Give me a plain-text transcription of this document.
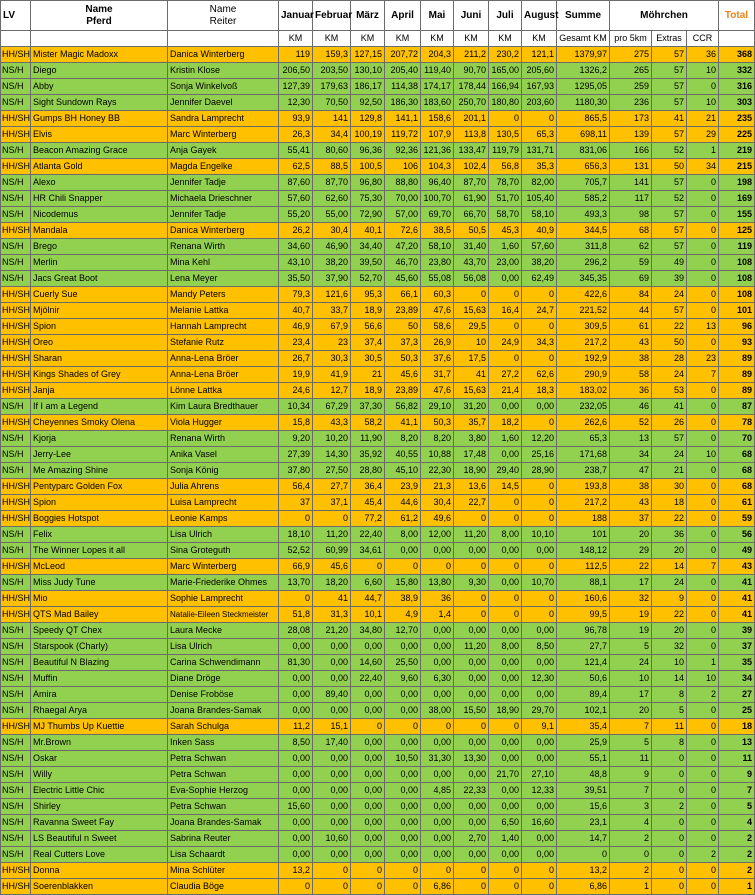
LV	Name
Pferd	Name
Reiter	Januar	Februar	März	April	Mai	Juni	Juli	August	Summe	Möhrchen			Total
			KM	KM	KM	KM	KM	KM	KM	KM	Gesamt KM	pro 5km	Extras	CCR	
HH/SH	Mister Magic Madoxx	Danica Winterberg	119	159,3	127,15	207,72	204,3	211,2	230,2	121,1	1379,97	275	57	36	368
NS/H	Diego	Kristin Klose	206,50	203,50	130,10	205,40	119,40	90,70	165,00	205,60	1326,2	265	57	10	332
NS/H	Abby	Sonja Winkelvoß	127,39	179,63	186,17	114,38	174,17	178,44	166,94	167,93	1295,05	259	57	0	316
NS/H	Sight Sundown Rays	Jennifer Daevel	12,30	70,50	92,50	186,30	183,60	250,70	180,80	203,60	1180,30	236	57	10	303
HH/SH	Gumps BH Honey BB	Sandra Lamprecht	93,9	141	129,8	141,1	158,6	201,1	0	0	865,5	173	41	21	235
HH/SH	Elvis	Marc Winterberg	26,3	34,4	100,19	119,72	107,9	113,8	130,5	65,3	698,11	139	57	29	225
NS/H	Beacon Amazing Grace	Anja Gayek	55,41	80,60	96,36	92,36	121,36	133,47	119,79	131,71	831,06	166	52	1	219
HH/SH	Atlanta Gold	Magda Engelke	62,5	88,5	100,5	106	104,3	102,4	56,8	35,3	656,3	131	50	34	215
NS/H	Alexo	Jennifer Tadje	87,60	87,70	96,80	88,80	96,40	87,70	78,70	82,00	705,7	141	57	0	198
NS/H	HR Chili Snapper	Michaela Drieschner	57,60	62,60	75,30	70,00	100,70	61,90	51,70	105,40	585,2	117	52	0	169
NS/H	Nicodemus	Jennifer Tadje	55,20	55,00	72,90	57,00	69,70	66,70	58,70	58,10	493,3	98	57	0	155
HH/SH	Mandala	Danica Winterberg	26,2	30,4	40,1	72,6	38,5	50,5	45,3	40,9	344,5	68	57	0	125
NS/H	Brego	Renana Wirth	34,60	46,90	34,40	47,20	58,10	31,40	1,60	57,60	311,8	62	57	0	119
NS/H	Merlin	Mina Kehl	43,10	38,20	39,50	46,70	23,80	43,70	23,00	38,20	296,2	59	49	0	108
NS/H	Jacs Great Boot	Lena Meyer	35,50	37,90	52,70	45,60	55,08	56,08	0,00	62,49	345,35	69	39	0	108
HH/SH	Cuerly Sue	Mandy Peters	79,3	121,6	95,3	66,1	60,3	0	0	0	422,6	84	24	0	108
HH/SH	Mjölnir	Melanie Lattka	40,7	33,7	18,9	23,89	47,6	15,63	16,4	24,7	221,52	44	57	0	101
HH/SH	Spion	Hannah Lamprecht	46,9	67,9	56,6	50	58,6	29,5	0	0	309,5	61	22	13	96
HH/SH	Oreo	Stefanie Rutz	23,4	23	37,4	37,3	26,9	10	24,9	34,3	217,2	43	50	0	93
HH/SH	Sharan	Anna-Lena Bröer	26,7	30,3	30,5	50,3	37,6	17,5	0	0	192,9	38	28	23	89
HH/SH	Kings Shades of Grey	Anna-Lena Bröer	19,9	41,9	21	45,6	31,7	41	27,2	62,6	290,9	58	24	7	89
HH/SH	Janja	Lönne Lattka	24,6	12,7	18,9	23,89	47,6	15,63	21,4	18,3	183,02	36	53	0	89
NS/H	If I am a Legend	Kim Laura Bredthauer	10,34	67,29	37,30	56,82	29,10	31,20	0,00	0,00	232,05	46	41	0	87
HH/SH	Cheyennes Smoky Olena	Viola Hugger	15,8	43,3	58,2	41,1	50,3	35,7	18,2	0	262,6	52	26	0	78
NS/H	Kjorja	Renana Wirth	9,20	10,20	11,90	8,20	8,20	3,80	1,60	12,20	65,3	13	57	0	70
NS/H	Jerry-Lee	Anika Vasel	27,39	14,30	35,92	40,55	10,88	17,48	0,00	25,16	171,68	34	24	10	68
NS/H	Me Amazing Shine	Sonja König	37,80	27,50	28,80	45,10	22,30	18,90	29,40	28,90	238,7	47	21	0	68
HH/SH	Pentyparc Golden Fox	Julia Ahrens	56,4	27,7	36,4	23,9	21,3	13,6	14,5	0	193,8	38	30	0	68
HH/SH	Spion	Luisa Lamprecht	37	37,1	45,4	44,6	30,4	22,7	0	0	217,2	43	18	0	61
HH/SH	Boggies Hotspot	Leonie Kamps	0	0	77,2	61,2	49,6	0	0	0	188	37	22	0	59
NS/H	Felix	Lisa Ulrich	18,10	11,20	22,40	8,00	12,00	11,20	8,00	10,10	101	20	36	0	56
NS/H	The Winner Lopes it all	Sina Groteguth	52,52	60,99	34,61	0,00	0,00	0,00	0,00	0,00	148,12	29	20	0	49
HH/SH	McLeod	Marc Winterberg	66,9	45,6	0	0	0	0	0	0	112,5	22	14	7	43
NS/H	Miss Judy Tune	Marie-Friederike Ohmes	13,70	18,20	6,60	15,80	13,80	9,30	0,00	10,70	88,1	17	24	0	41
HH/SH	Mio	Sophie Lamprecht	0	41	44,7	38,9	36	0	0	0	160,6	32	9	0	41
HH/SH	QTS Mad Bailey	Natalie-Eileen Steckmeister	51,8	31,3	10,1	4,9	1,4	0	0	0	99,5	19	22	0	41
NS/H	Speedy QT Chex	Laura Mecke	28,08	21,20	34,80	12,70	0,00	0,00	0,00	0,00	96,78	19	20	0	39
NS/H	Starspook (Charly)	Lisa Ulrich	0,00	0,00	0,00	0,00	0,00	11,20	8,00	8,50	27,7	5	32	0	37
NS/H	Beautiful N Blazing	Carina Schwendimann	81,30	0,00	14,60	25,50	0,00	0,00	0,00	0,00	121,4	24	10	1	35
NS/H	Muffin	Diane Dröge	0,00	0,00	22,40	9,60	6,30	0,00	0,00	12,30	50,6	10	14	10	34
NS/H	Amira	Denise Froböse	0,00	89,40	0,00	0,00	0,00	0,00	0,00	0,00	89,4	17	8	2	27
NS/H	Rhaegal Arya	Joana Brandes-Samak	0,00	0,00	0,00	0,00	38,00	15,50	18,90	29,70	102,1	20	5	0	25
HH/SH	MJ Thumbs Up Kuettie	Sarah Schulga	11,2	15,1	0	0	0	0	0	9,1	35,4	7	11	0	18
NS/H	Mr.Brown	Inken Sass	8,50	17,40	0,00	0,00	0,00	0,00	0,00	0,00	25,9	5	8	0	13
NS/H	Oskar	Petra Schwan	0,00	0,00	0,00	10,50	31,30	13,30	0,00	0,00	55,1	11	0	0	11
NS/H	Willy	Petra Schwan	0,00	0,00	0,00	0,00	0,00	0,00	21,70	27,10	48,8	9	0	0	9
NS/H	Electric Little Chic	Eva-Sophie Herzog	0,00	0,00	0,00	0,00	4,85	22,33	0,00	12,33	39,51	7	0	0	7
NS/H	Shirley	Petra Schwan	15,60	0,00	0,00	0,00	0,00	0,00	0,00	0,00	15,6	3	2	0	5
NS/H	Ravanna Sweet Fay	Joana Brandes-Samak	0,00	0,00	0,00	0,00	0,00	0,00	6,50	16,60	23,1	4	0	0	4
NS/H	LS Beautiful n Sweet	Sabrina Reuter	0,00	10,60	0,00	0,00	0,00	2,70	1,40	0,00	14,7	2	0	0	2
NS/H	Real Cutters Love	Lisa Schaardt	0,00	0,00	0,00	0,00	0,00	0,00	0,00	0,00	0	0	0	2	2
HH/SH	Donna	Mina Schlüter	13,2	0	0	0	0	0	0	0	13,2	2	0	0	2
HH/SH	Soerenblakken	Claudia Böge	0	0	0	0	6,86	0	0	0	6,86	1	0	0	1
